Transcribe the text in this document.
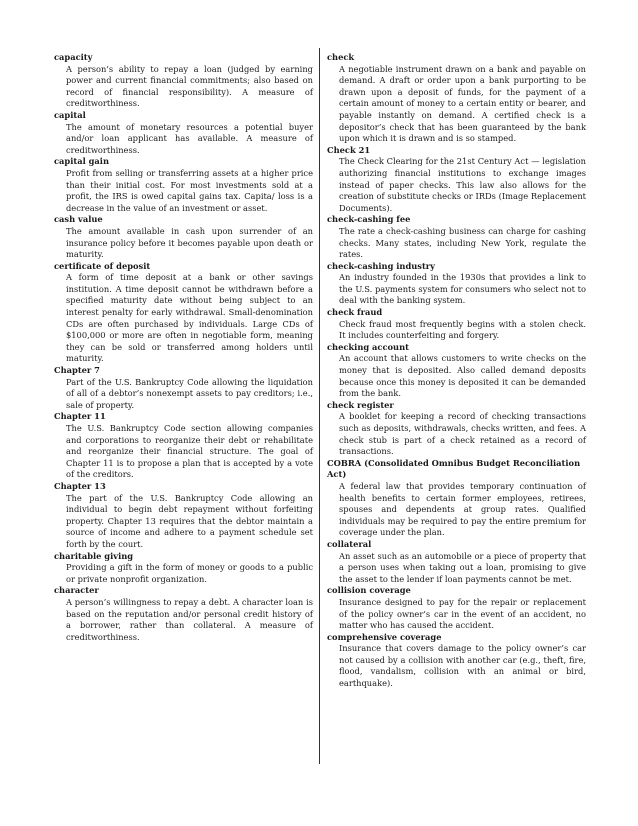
capacity

A person’s ability to repay a loan (judged by earning power and current financial commitments; also based on record of financial responsibility). A measure of creditworthiness.

capital

The amount of monetary resources a potential buyer and/or loan applicant has available. A measure of creditworthiness.

capital gain

Profit from selling or transferring assets at a higher price than their initial cost. For most investments sold at a profit, the IRS is owed capital gains tax. Capita/ loss is a decrease in the value of an investment or asset.

cash value

The amount available in cash upon surrender of an insurance policy before it becomes payable upon death or maturity.

certificate of deposit

A form of time deposit at a bank or other savings institution. A time deposit cannot be withdrawn before a specified maturity date without being subject to an interest penalty for early withdrawal. Small-denomination CDs are often purchased by individuals. Large CDs of $100,000 or more are often in negotiable form, meaning they can be sold or transferred among holders until maturity.

Chapter 7

Part of the U.S. Bankruptcy Code allowing the liquidation of all of a debtor’s nonexempt assets to pay creditors; i.e., sale of property.

Chapter 11

The U.S. Bankruptcy Code section allowing companies and corporations to reorganize their debt or rehabilitate and reorganize their financial structure. The goal of Chapter 11 is to propose a plan that is accepted by a vote of the creditors.

Chapter 13

The part of the U.S. Bankruptcy Code allowing an individual to begin debt repayment without forfeiting property. Chapter 13 requires that the debtor maintain a source of income and adhere to a payment schedule set forth by the court.

charitable giving

Providing a gift in the form of money or goods to a public or private nonprofit organization.

character

A person’s willingness to repay a debt. A character loan is based on the reputation and/or personal credit history of a borrower, rather than collateral. A measure of creditworthiness.

check

A negotiable instrument drawn on a bank and payable on demand. A draft or order upon a bank purporting to be drawn upon a deposit of funds, for the payment of a certain amount of money to a certain entity or bearer, and payable instantly on demand. A certified check is a depositor’s check that has been guaranteed by the bank upon which it is drawn and is so stamped.

Check 21

The Check Clearing for the 21st Century Act — legislation authorizing financial institutions to exchange images instead of paper checks. This law also allows for the creation of substitute checks or IRDs (Image Replacement Documents).

check-cashing fee

The rate a check-cashing business can charge for cashing checks. Many states, including New York, regulate the rates.

check-cashing industry

An industry founded in the 1930s that provides a link to the U.S. payments system for consumers who select not to deal with the banking system.

check fraud

Check fraud most frequently begins with a stolen check. It includes counterfeiting and forgery.

checking account

An account that allows customers to write checks on the money that is deposited. Also called demand deposits because once this money is deposited it can be demanded from the bank.

check register

A booklet for keeping a record of checking transactions such as deposits, withdrawals, checks written, and fees. A check stub is part of a check retained as a record of transactions.

COBRA (Consolidated Omnibus Budget Reconciliation Act)

A federal law that provides temporary continuation of health benefits to certain former employees, retirees, spouses and dependents at group rates. Qualified individuals may be required to pay the entire premium for coverage under the plan.

collateral

An asset such as an automobile or a piece of property that a person uses when taking out a loan, promising to give the asset to the lender if loan payments cannot be met.

collision coverage

Insurance designed to pay for the repair or replacement of the policy owner’s car in the event of an accident, no matter who has caused the accident.

comprehensive coverage

Insurance that covers damage to the policy owner’s car not caused by a collision with another car (e.g., theft, fire, flood, vandalism, collision with an animal or bird, earthquake).
